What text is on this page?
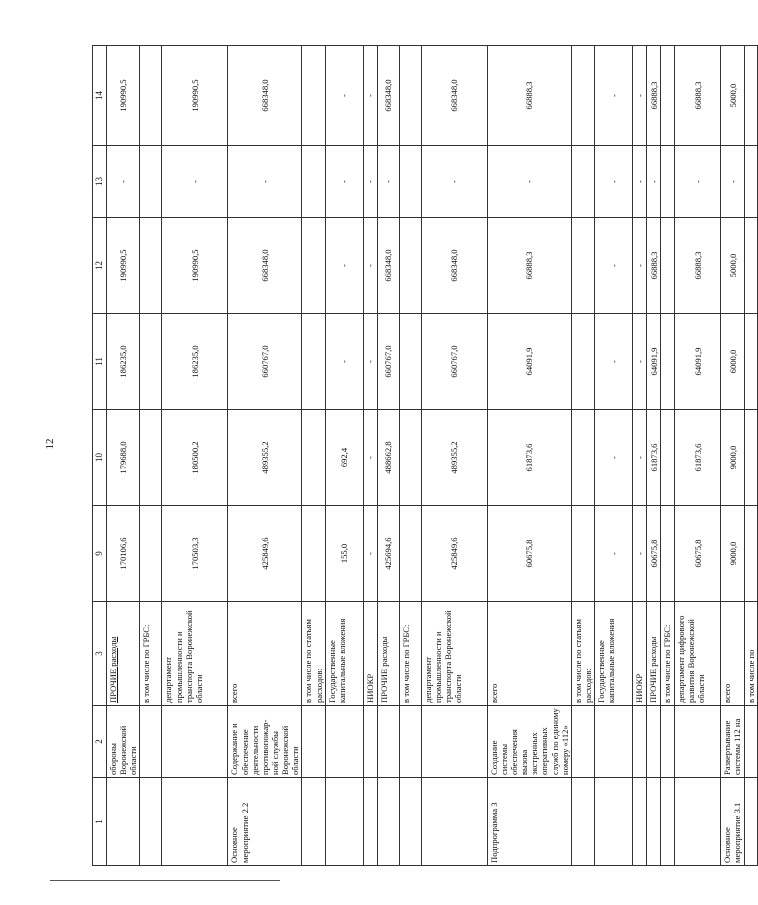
12
1	2	3	9	10	11	12	13	14
	обороны Воронежской области	ПРОЧИЕ расходы	170106,6	179688,0	186235,0	190990,5	-	190990,5
		в том числе по ГРБС:						
		департамент промышленности и транспорта Воронежской области	170503,3	180500,2	186235,0	190990,5	-	190990,5
Основное мероприятие 2.2	Содержание и обеспечение деятельности противопожар-ной службы Воронежской области	всего	425849,6	489355,2	660767,0	668348,0	-	668348,0
		в том числе по статьям расходов:						
		Государственные капитальные вложения	155,0	692,4	-	-	-	-
		НИОКР	-	-	-	-	-	-
		ПРОЧИЕ расходы	425694,6	488662,8	660767,0	668348,0	-	668348,0
		в том числе по ГРБС:						
		департамент промышленности и транспорта Воронежской области	425849,6	489355,2	660767,0	668348,0	-	668348,0
Подпрограмма 3	Создание системы обеспечения вызова экстренных оперативных служб по единому номеру «112»	всего	60675,8	61873,6	64091,9	66888,3	-	66888,3
		в том числе по статьям расходов:						
		Государственные капитальные вложения	-	-	-	-	-	-
		НИОКР	-	-	-	-	-	-
		ПРОЧИЕ расходы	60675,8	61873,6	64091,9	66888,3	-	66888,3
		в том числе по ГРБС:						
		департамент цифрового развития Воронежской области	60675,8	61873,6	64091,9	66888,3	-	66888,3
Основное мероприятие 3.1	Развертывание системы 112 на	всего	9000,0	9000,0	6000,0	5000,0	-	5000,0
		в том числе по						
